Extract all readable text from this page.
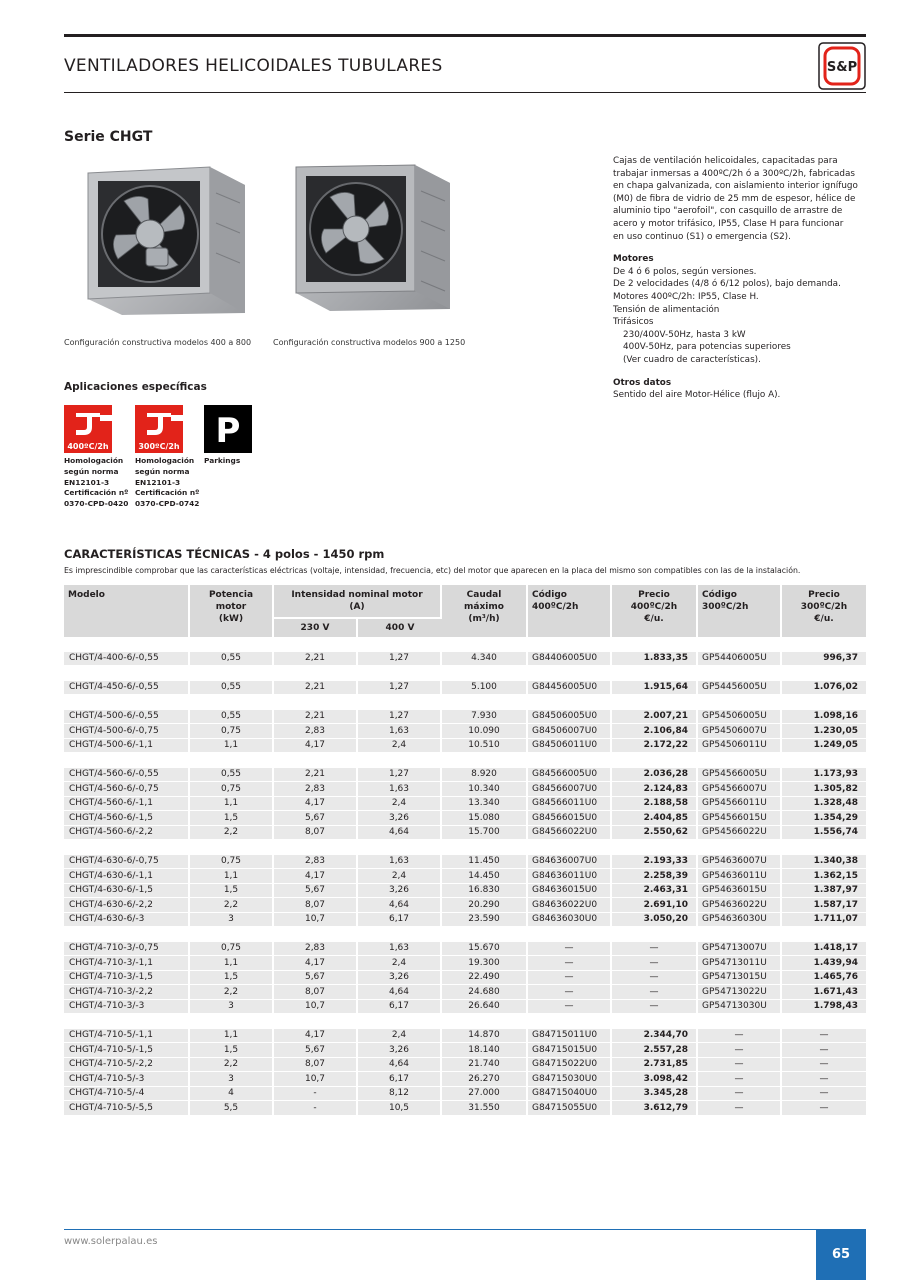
VENTILADORES HELICOIDALES TUBULARES	S&P
Serie CHGT
Configuración constructiva modelos 400 a 800	Configuración constructiva modelos 900 a 1250
Cajas de ventilación helicoidales, capacitadas para
trabajar inmersas a 400ºC/2h ó a 300ºC/2h, fabricadas
en chapa galvanizada, con aislamiento interior ignífugo
(M0) de fibra de vidrio de 25 mm de espesor, hélice de
aluminio tipo "aerofoil", con casquillo de arrastre de
acero y motor trifásico, IP55, Clase H para funcionar
en uso continuo (S1) o emergencia (S2).
Motores
De 4 ó 6 polos, según versiones.
De 2 velocidades (4/8 ó 6/12 polos), bajo demanda.
Motores 400ºC/2h: IP55, Clase H.
Tensión de alimentación
Trifásicos
230/400V-50Hz, hasta 3 kW
400V-50Hz, para potencias superiores
(Ver cuadro de características).
Otros datos
Sentido del aire Motor-Hélice (flujo A).
Aplicaciones específicas
400ºC/2h
Homologación
según norma
EN12101-3
Certificación nº
0370-CPD-0420
300ºC/2h
Homologación
según norma
EN12101-3
Certificación nº
0370-CPD-0742
P
Parkings
CARACTERÍSTICAS TÉCNICAS - 4 polos - 1450 rpm
Es imprescindible comprobar que las características eléctricas (voltaje, intensidad, frecuencia, etc) del motor que aparecen en la placa del mismo son compatibles con las de la instalación.
Modelo	Potencia
motor
(kW)	Intensidad nominal motor
(A)		Caudal
máximo
(m³/h)	Código
400ºC/2h	Precio
400ºC/2h
€/u.	Código
300ºC/2h	Precio
300ºC/2h
€/u.
		230 V	400 V					

CHGT/4-400-6/-0,55	0,55	2,21	1,27	4.340	G84406005U0	1.833,35	GP54406005U	996,37

CHGT/4-450-6/-0,55	0,55	2,21	1,27	5.100	G84456005U0	1.915,64	GP54456005U	1.076,02

CHGT/4-500-6/-0,55	0,55	2,21	1,27	7.930	G84506005U0	2.007,21	GP54506005U	1.098,16
CHGT/4-500-6/-0,75	0,75	2,83	1,63	10.090	G84506007U0	2.106,84	GP54506007U	1.230,05
CHGT/4-500-6/-1,1	1,1	4,17	2,4	10.510	G84506011U0	2.172,22	GP54506011U	1.249,05

CHGT/4-560-6/-0,55	0,55	2,21	1,27	8.920	G84566005U0	2.036,28	GP54566005U	1.173,93
CHGT/4-560-6/-0,75	0,75	2,83	1,63	10.340	G84566007U0	2.124,83	GP54566007U	1.305,82
CHGT/4-560-6/-1,1	1,1	4,17	2,4	13.340	G84566011U0	2.188,58	GP54566011U	1.328,48
CHGT/4-560-6/-1,5	1,5	5,67	3,26	15.080	G84566015U0	2.404,85	GP54566015U	1.354,29
CHGT/4-560-6/-2,2	2,2	8,07	4,64	15.700	G84566022U0	2.550,62	GP54566022U	1.556,74

CHGT/4-630-6/-0,75	0,75	2,83	1,63	11.450	G84636007U0	2.193,33	GP54636007U	1.340,38
CHGT/4-630-6/-1,1	1,1	4,17	2,4	14.450	G84636011U0	2.258,39	GP54636011U	1.362,15
CHGT/4-630-6/-1,5	1,5	5,67	3,26	16.830	G84636015U0	2.463,31	GP54636015U	1.387,97
CHGT/4-630-6/-2,2	2,2	8,07	4,64	20.290	G84636022U0	2.691,10	GP54636022U	1.587,17
CHGT/4-630-6/-3	3	10,7	6,17	23.590	G84636030U0	3.050,20	GP54636030U	1.711,07

CHGT/4-710-3/-0,75	0,75	2,83	1,63	15.670	—	—	GP54713007U	1.418,17
CHGT/4-710-3/-1,1	1,1	4,17	2,4	19.300	—	—	GP54713011U	1.439,94
CHGT/4-710-3/-1,5	1,5	5,67	3,26	22.490	—	—	GP54713015U	1.465,76
CHGT/4-710-3/-2,2	2,2	8,07	4,64	24.680	—	—	GP54713022U	1.671,43
CHGT/4-710-3/-3	3	10,7	6,17	26.640	—	—	GP54713030U	1.798,43

CHGT/4-710-5/-1,1	1,1	4,17	2,4	14.870	G84715011U0	2.344,70	—	—
CHGT/4-710-5/-1,5	1,5	5,67	3,26	18.140	G84715015U0	2.557,28	—	—
CHGT/4-710-5/-2,2	2,2	8,07	4,64	21.740	G84715022U0	2.731,85	—	—
CHGT/4-710-5/-3	3	10,7	6,17	26.270	G84715030U0	3.098,42	—	—
CHGT/4-710-5/-4	4	-	8,12	27.000	G84715040U0	3.345,28	—	—
CHGT/4-710-5/-5,5	5,5	-	10,5	31.550	G84715055U0	3.612,79	—	—
www.solerpalau.es
65
